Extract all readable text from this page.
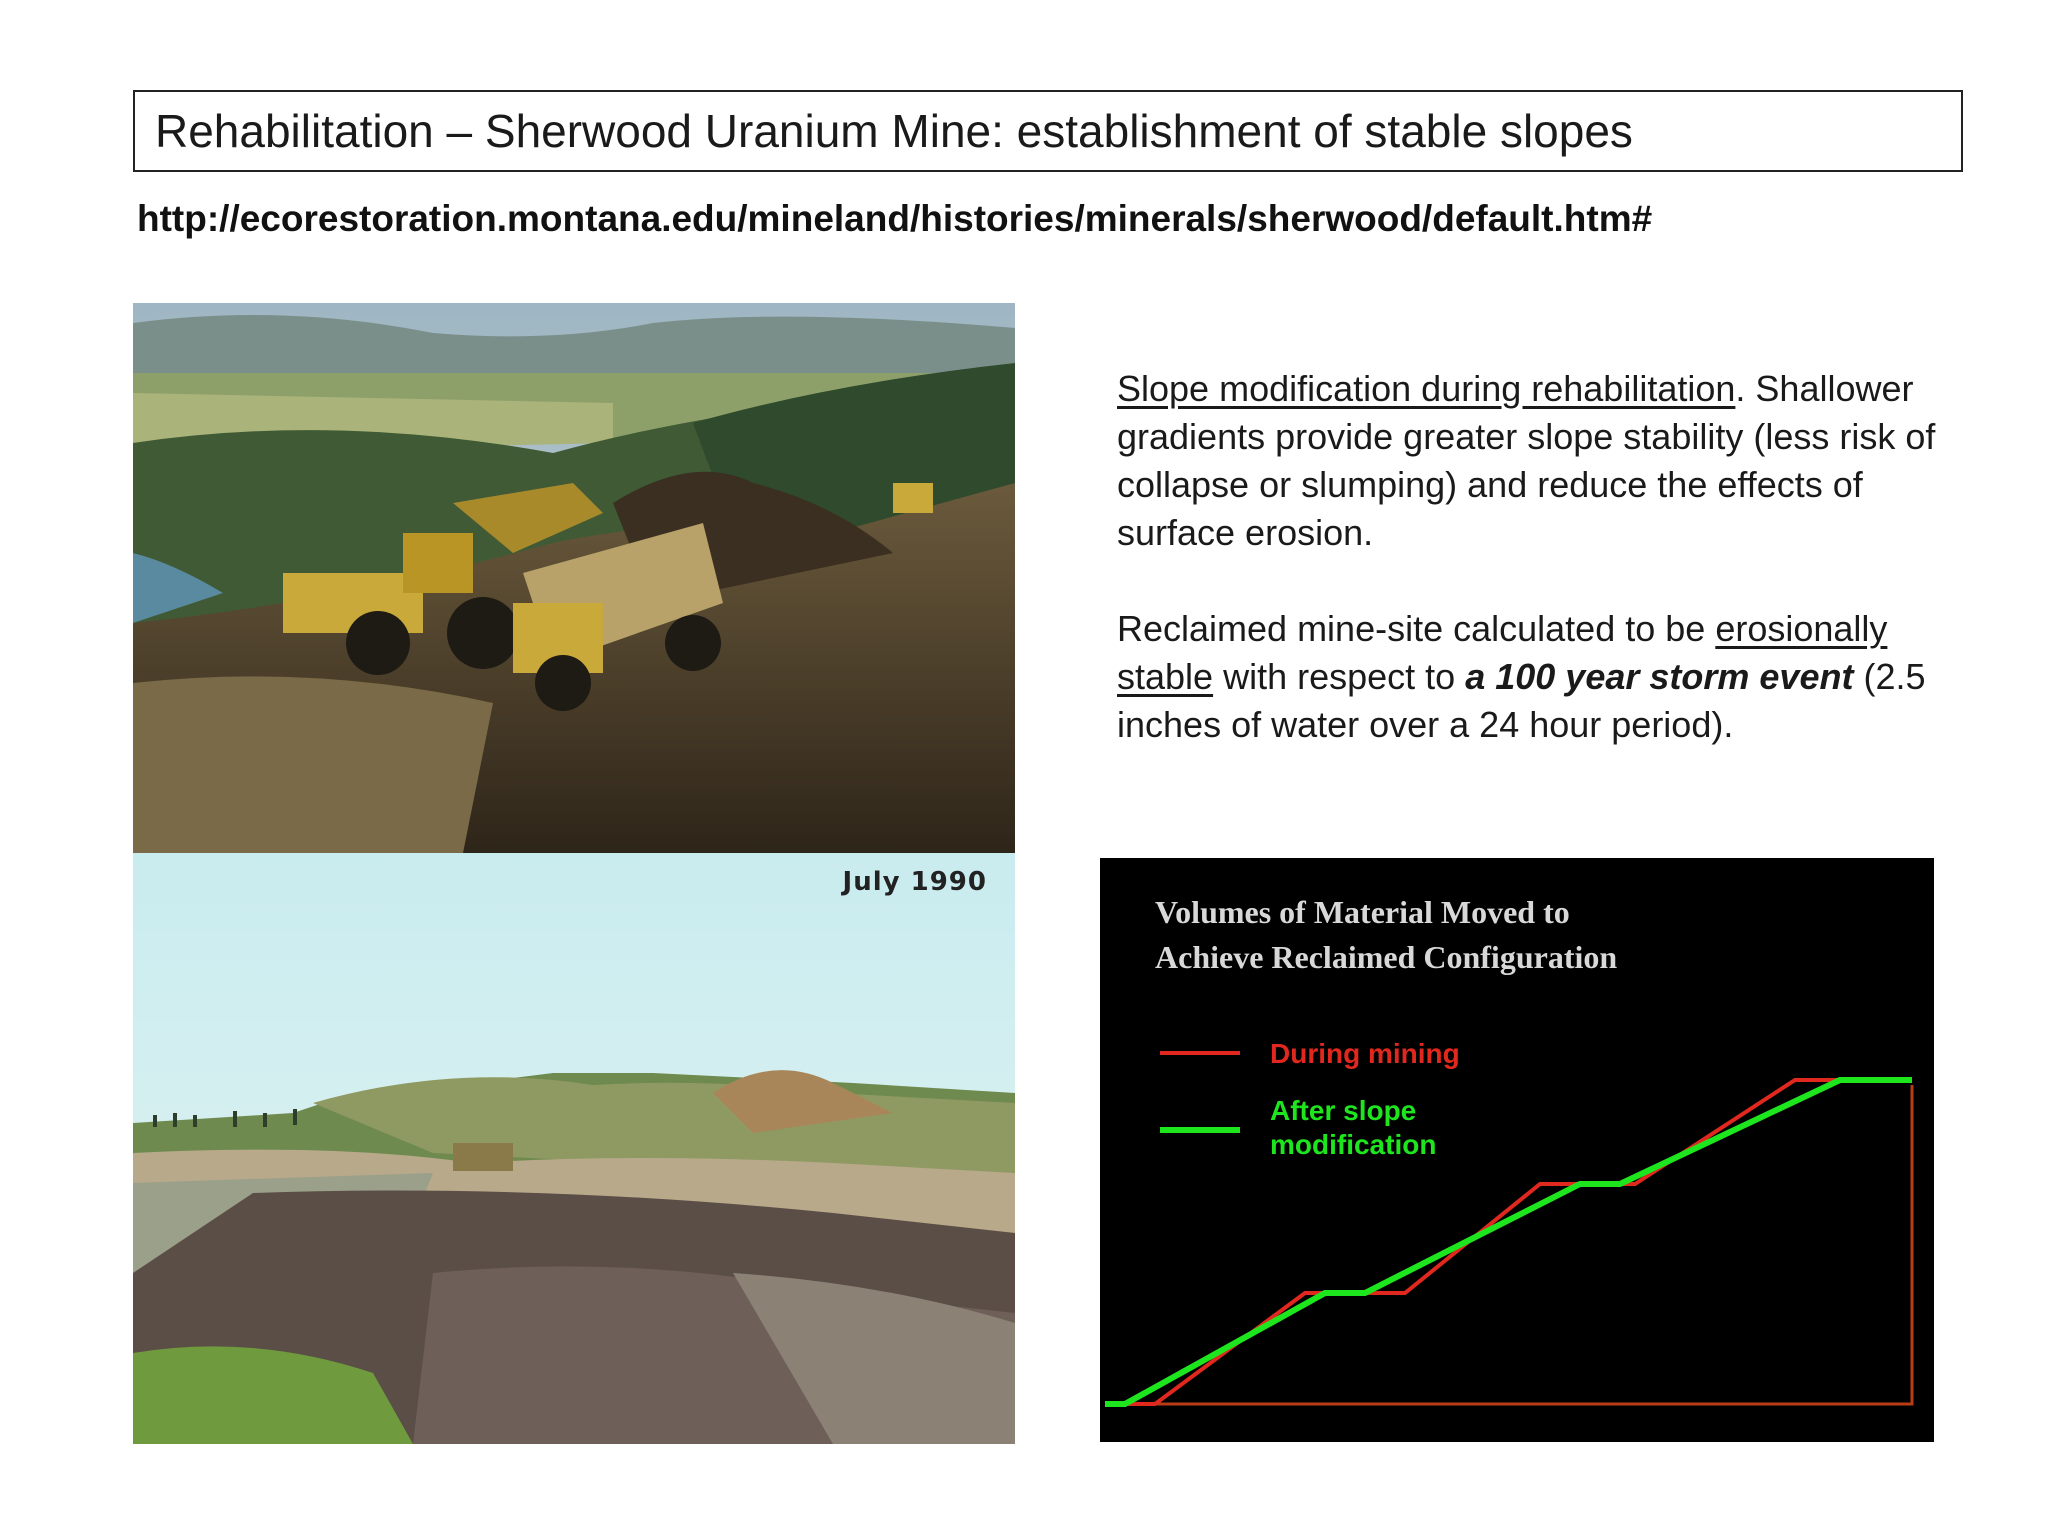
Rehabilitation – Sherwood Uranium Mine: establishment of stable slopes
http://ecorestoration.montana.edu/mineland/histories/minerals/sherwood/default.htm#
July 1990

Slope modification during rehabilitation. Shallower gradients provide greater slope stability (less risk of collapse or slumping) and reduce the effects of surface erosion.

Reclaimed mine-site calculated to be erosionally stable with respect to a 100 year storm event (2.5 inches of water over a 24 hour period).

Volumes of Material Moved to
Achieve Reclaimed Configuration
During mining
After slope
modification
